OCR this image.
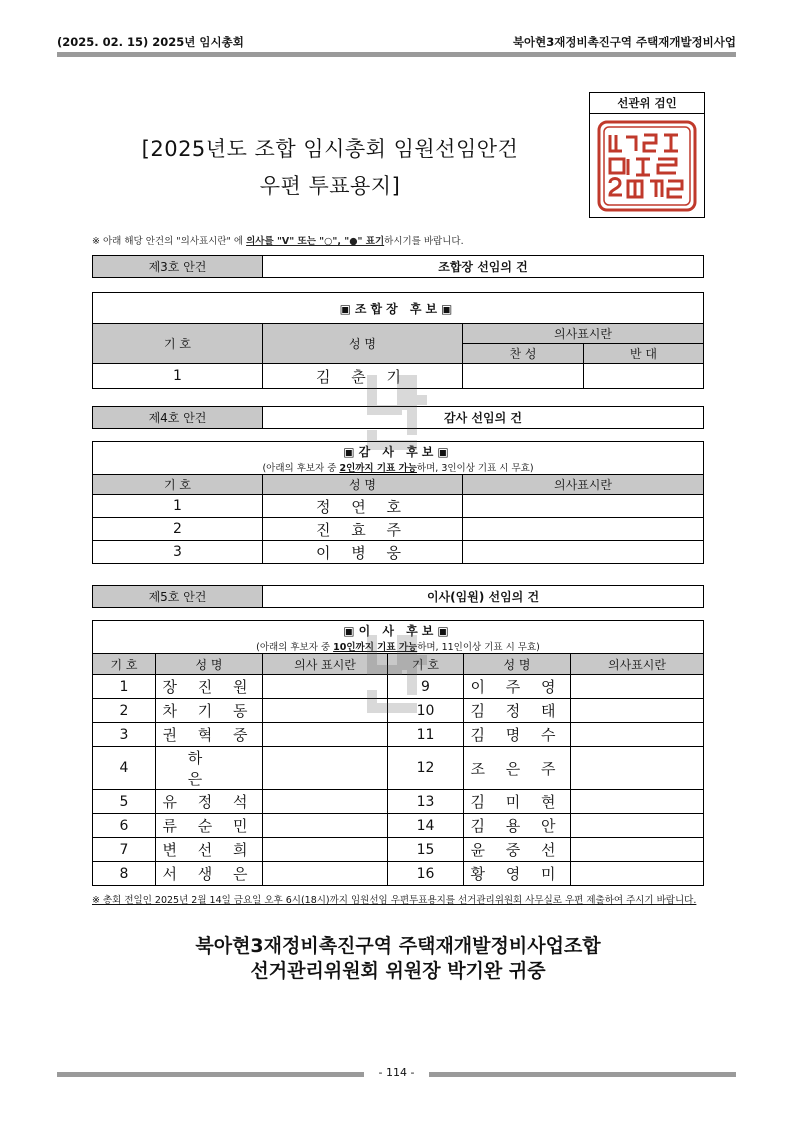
(2025. 02. 15) 2025년 임시총회	북아현3재정비촉진구역 주택재개발정비사업
선관위 검인
[2025년도 조합 임시총회 임원선임안건
우편 투표용지]
※ 아래 해당 안건의 "의사표시란" 에 의사를 "V" 또는 "○", "●" 표기하시기를 바랍니다.
제3호 안건	조합장 선임의 건
▣조합장 후보▣			
기 호	성 명	의사표시란	
		찬 성	반 대
1	김 춘 기		
제4호 안건	감사 선임의 건
▣감 사 후보▣
(아래의 후보자 중 2인까지 기표 가능하며, 3인이상 기표 시 무효)		

기 호	성 명	의사표시란
1	정 연 호	
2	진 효 주	
3	이 병 웅	
제5호 안건	이사(임원) 선임의 건
▣이 사 후보▣
(아래의 후보자 중 10인까지 기표 가능하며, 11인이상 기표 시 무효)					

기 호	성 명	의사 표시란	기 호	성 명	의사표시란
1	장 진 원		9	이 주 영	
2	차 기 동		10	김 정 태	
3	권 혁 중		11	김 명 수	
4	하 은		12	조 은 주	
5	유 정 석		13	김 미 현	
6	류 순 민		14	김 용 안	
7	변 선 희		15	윤 중 선	
8	서 생 은		16	황 영 미	
※ 총회 전일인 2025년 2월 14일 금요일 오후 6시(18시)까지 임원선임 우편투표용지를 선거관리위원회 사무실로 우편 제출하여 주시기 바랍니다.
북아현3재정비촉진구역 주택재개발정비사업조합
선거관리위원회 위원장 박기완 귀중
- 114 -
